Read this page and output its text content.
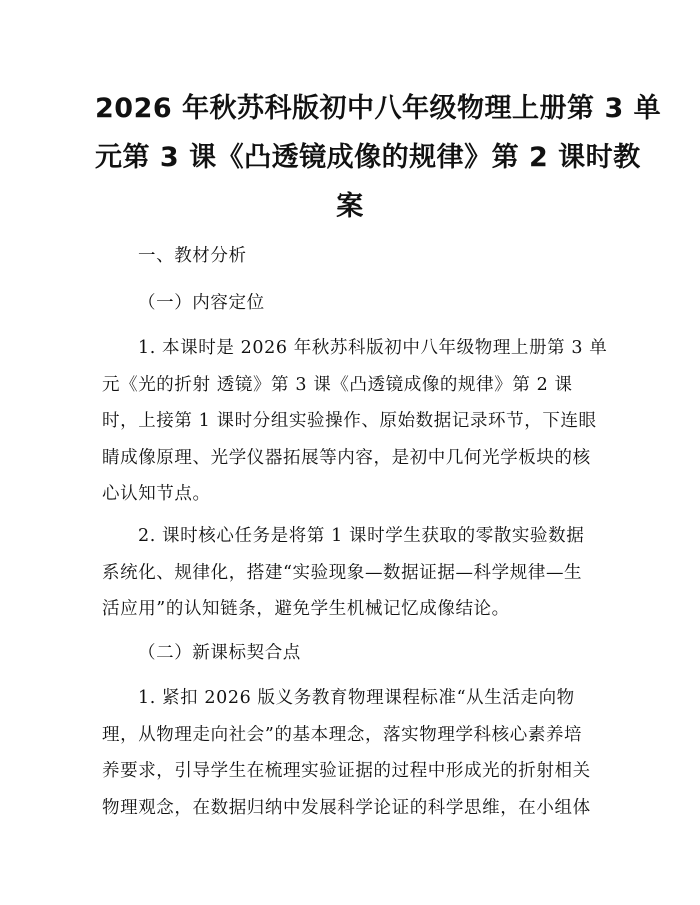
2026 年秋苏科版初中八年级物理上册第 3 单
元第 3 课《凸透镜成像的规律》第 2 课时教
案
一、教材分析
（一）内容定位
1. 本课时是 2026 年秋苏科版初中八年级物理上册第 3 单
元《光的折射 透镜》第 3 课《凸透镜成像的规律》第 2 课
时，上接第 1 课时分组实验操作、原始数据记录环节，下连眼
睛成像原理、光学仪器拓展等内容，是初中几何光学板块的核
心认知节点。
2. 课时核心任务是将第 1 课时学生获取的零散实验数据
系统化、规律化，搭建“实验现象—数据证据—科学规律—生
活应用”的认知链条，避免学生机械记忆成像结论。
（二）新课标契合点
1. 紧扣 2026 版义务教育物理课程标准“从生活走向物
理，从物理走向社会”的基本理念，落实物理学科核心素养培
养要求，引导学生在梳理实验证据的过程中形成光的折射相关
物理观念，在数据归纳中发展科学论证的科学思维，在小组体
